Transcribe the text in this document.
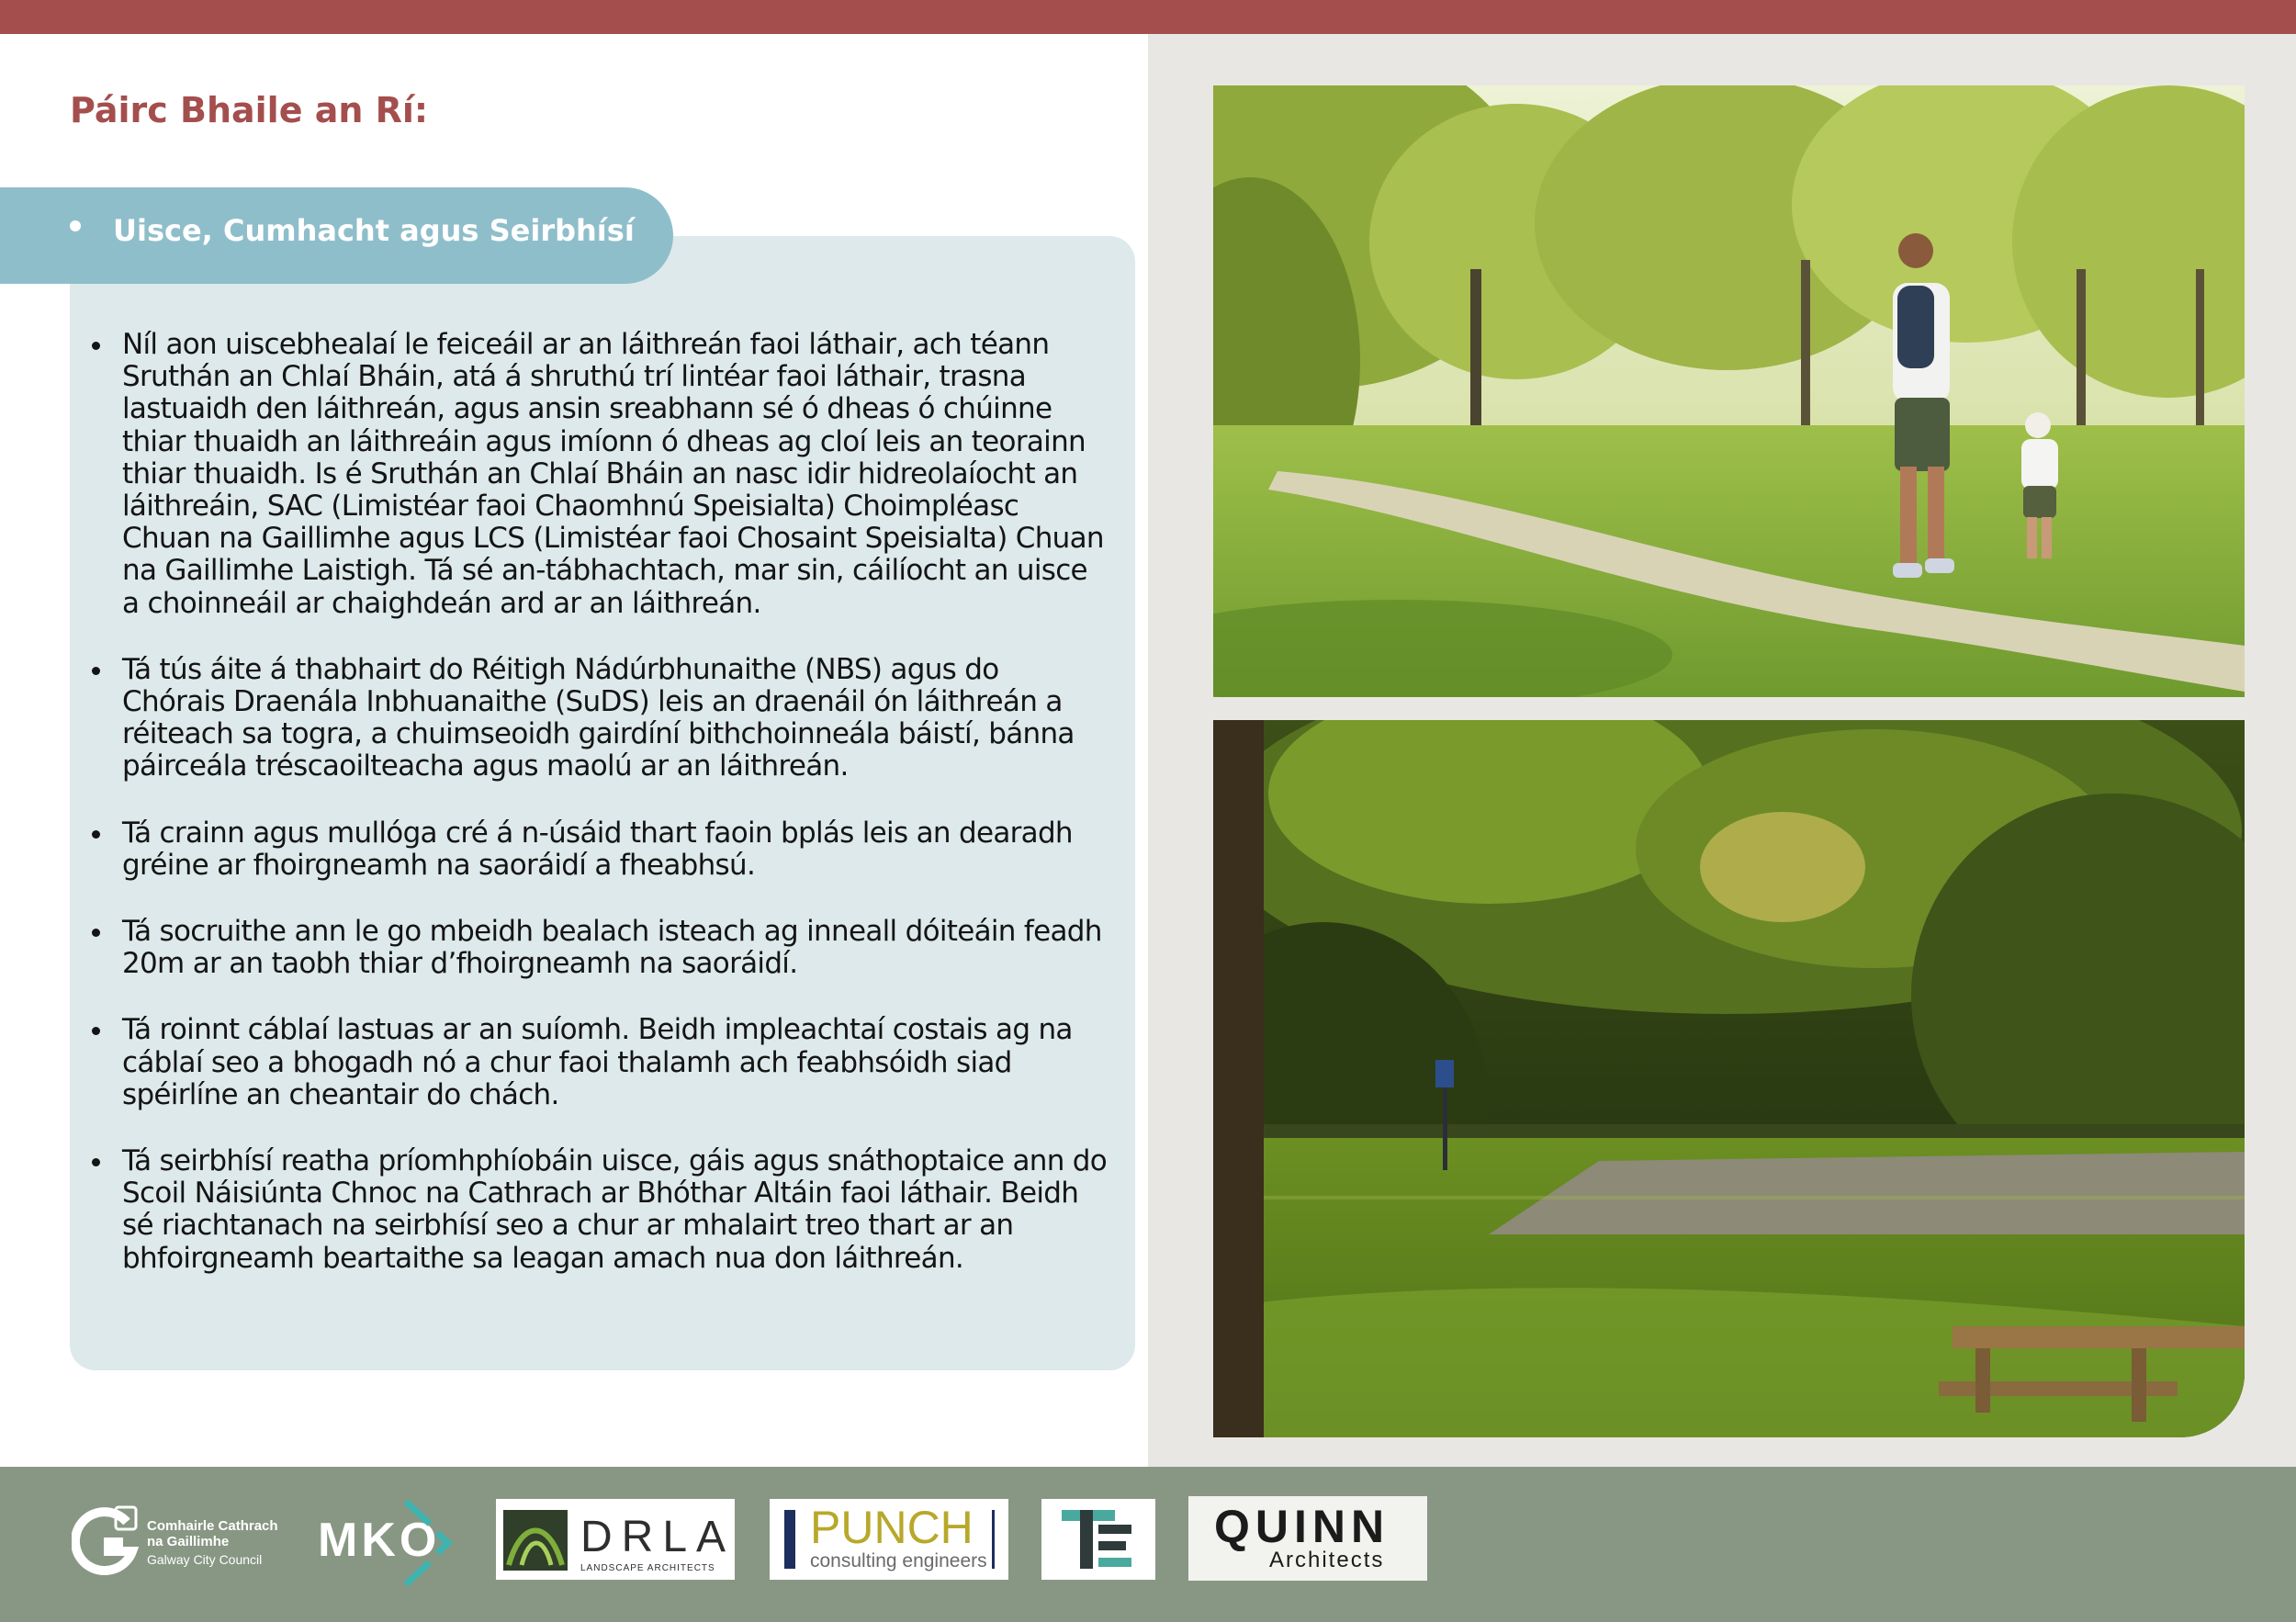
Páirc Bhaile an Rí:
Uisce, Cumhacht agus Seirbhísí
Níl aon uiscebhealaí le feiceáil ar an láithreán faoi láthair, ach téann Sruthán an Chlaí Bháin, atá á shruthú trí lintéar faoi láthair, trasna lastuaidh den láithreán, agus ansin sreabhann sé ó dheas ó chúinne thiar thuaidh an láithreáin agus imíonn ó dheas ag cloí leis an teorainn thiar thuaidh. Is é Sruthán an Chlaí Bháin an nasc idir hidreolaíocht an láithreáin, SAC (Limistéar faoi Chaomhnú Speisialta) Choimpléasc Chuan na Gaillimhe agus LCS (Limistéar faoi Chosaint Speisialta) Chuan na Gaillimhe Laistigh. Tá sé an-tábhachtach, mar sin, cáilíocht an uisce a choinneáil ar chaighdeán ard ar an láithreán.
Tá tús áite á thabhairt do Réitigh Nádúrbhunaithe (NBS) agus do Chórais Draenála Inbhuanaithe (SuDS) leis an draenáil ón láithreán a réiteach sa togra, a chuimseoidh gairdíní bithchoinneála báistí, bánna páirceála tréscaoilteacha agus maolú ar an láithreán.
Tá crainn agus mullóga cré á n-úsáid thart faoin bplás leis an dearadh gréine ar fhoirgneamh na saoráidí a fheabhsú.
Tá socruithe ann le go mbeidh bealach isteach ag inneall dóiteáin feadh 20m ar an taobh thiar d’fhoirgneamh na saoráidí.
Tá roinnt cáblaí lastuas ar an suíomh. Beidh impleachtaí costais ag na cáblaí seo a bhogadh nó a chur faoi thalamh ach feabhsóidh siad spéirlíne an cheantair do chách.
Tá seirbhísí reatha príomhphíobáin uisce, gáis agus snáthoptaice ann do Scoil Náisiúnta Chnoc na Cathrach ar Bhóthar Altáin faoi láthair. Beidh sé riachtanach na seirbhísí seo a chur ar mhalairt treo thart ar an bhfoirgneamh beartaithe sa leagan amach nua don láithreán.
Comhairle Cathrach
na Gaillimhe
Galway City Council MKO	DRLA
LANDSCAPE ARCHITECTS
PUNCH
consulting engineers
QUINN
Architects
